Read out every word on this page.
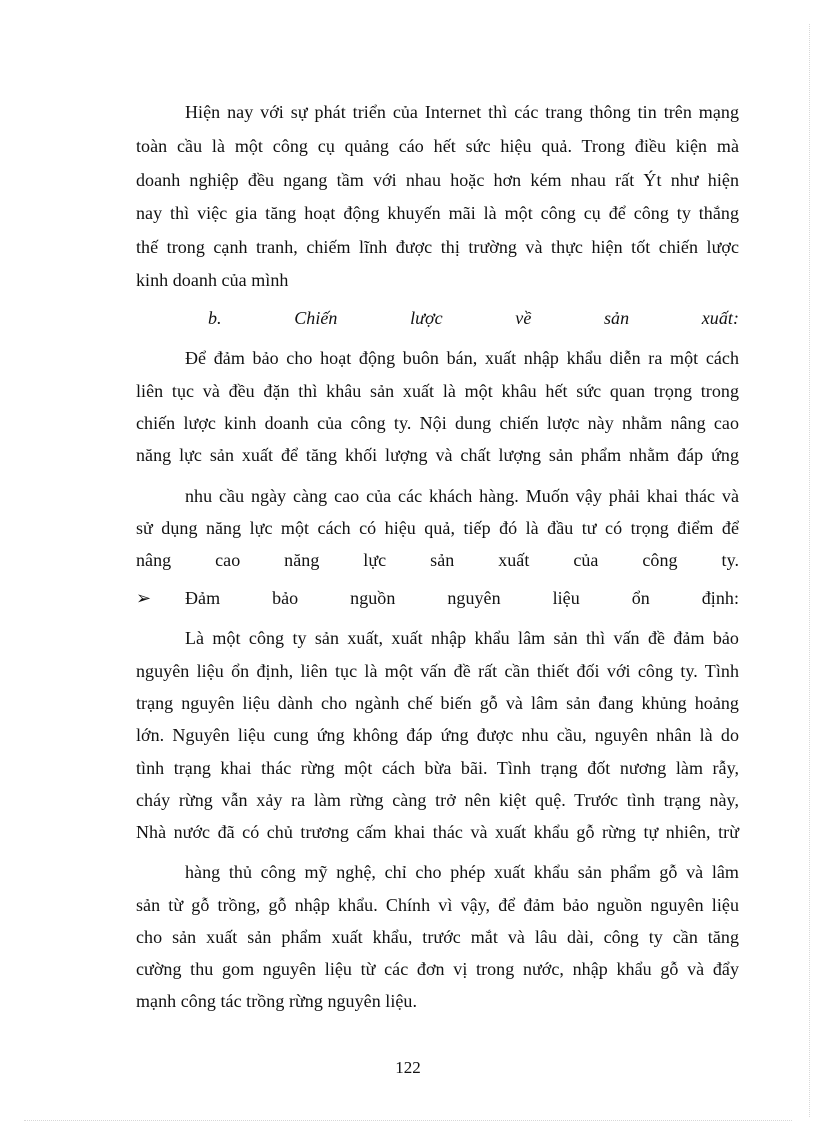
Hiện nay với sự phát triển của Internet thì các trang thông tin trên mạng
toàn cầu là một công cụ quảng cáo hết sức hiệu quả. Trong điều kiện mà
doanh nghiệp đều ngang tầm với nhau hoặc hơn kém nhau rất Ýt như hiện
nay thì việc gia tăng hoạt động khuyến mãi là một công cụ để công ty thắng
thế trong cạnh tranh, chiếm lĩnh được thị trường và thực hiện tốt chiến lược
kinh doanh của mình
b. Chiến lược về sản xuất:
Để đảm bảo cho hoạt động buôn bán, xuất nhập khẩu diễn ra một cách
liên tục và đều đặn thì khâu sản xuất là một khâu hết sức quan trọng trong
chiến lược kinh doanh của công ty. Nội dung chiến lược này nhằm nâng cao
năng lực sản xuất để tăng khối lượng và chất lượng sản phẩm nhằm đáp ứng
nhu cầu ngày càng cao của các khách hàng. Muốn vậy phải khai thác và
sử dụng năng lực một cách có hiệu quả, tiếp đó là đầu tư có trọng điểm để
nâng cao năng lực sản xuất của công ty.
➢ Đảm bảo nguồn nguyên liệu ổn định:
Là một công ty sản xuất, xuất nhập khẩu lâm sản thì vấn đề đảm bảo
nguyên liệu ổn định, liên tục là một vấn đề rất cần thiết đối với công ty. Tình
trạng nguyên liệu dành cho ngành chế biến gỗ và lâm sản đang khủng hoảng
lớn. Nguyên liệu cung ứng không đáp ứng được nhu cầu, nguyên nhân là do
tình trạng khai thác rừng một cách bừa bãi. Tình trạng đốt nương làm rẫy,
cháy rừng vẫn xảy ra làm rừng càng trở nên kiệt quệ. Trước tình trạng này,
Nhà nước đã có chủ trương cấm khai thác và xuất khẩu gỗ rừng tự nhiên, trừ
hàng thủ công mỹ nghệ, chỉ cho phép xuất khẩu sản phẩm gỗ và lâm
sản từ gỗ trồng, gỗ nhập khẩu. Chính vì vậy, để đảm bảo nguồn nguyên liệu
cho sản xuất sản phẩm xuất khẩu, trước mắt và lâu dài, công ty cần tăng
cường thu gom nguyên liệu từ các đơn vị trong nước, nhập khẩu gỗ và đẩy
mạnh công tác trồng rừng nguyên liệu.
122
